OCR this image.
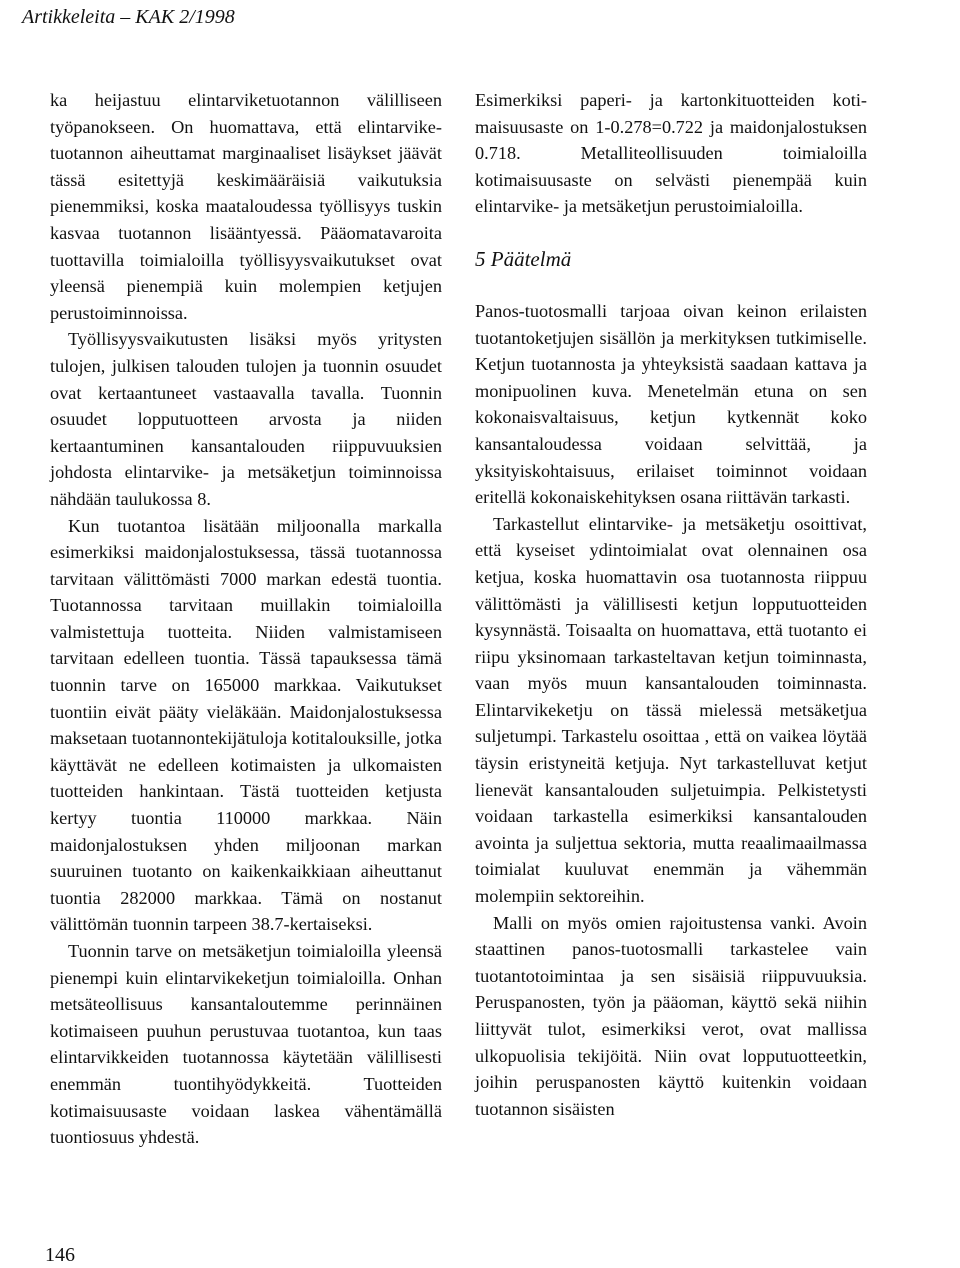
Artikkeleita – KAK 2/1998

ka heijastuu elintarviketuotannon välilliseen työpanokseen. On huomattava, että elintarviketuotannon aiheuttamat marginaaliset lisäykset jäävät tässä esitettyjä keskimääräisiä vaikutuksia pienemmiksi, koska maataloudessa työllisyys tuskin kasvaa tuotannon lisääntyessä. Pääomatavaroita tuottavilla toimialoilla työllisyysvaikutukset ovat yleensä pienempiä kuin molempien ketjujen perustoiminnoissa.

Työllisyysvaikutusten lisäksi myös yritysten tulojen, julkisen talouden tulojen ja tuonnin osuudet ovat kertaantuneet vastaavalla tavalla. Tuonnin osuudet lopputuotteen arvosta ja niiden kertaantuminen kansantalouden riippuvuuksien johdosta elintarvike- ja metsäketjun toiminnoissa nähdään taulukossa 8.

Kun tuotantoa lisätään miljoonalla markalla esimerkiksi maidonjalostuksessa, tässä tuotannossa tarvitaan välittömästi 7000 markan edestä tuontia. Tuotannossa tarvitaan muillakin toimialoilla valmistettuja tuotteita. Niiden valmistamiseen tarvitaan edelleen tuontia. Tässä tapauksessa tämä tuonnin tarve on 165000 markkaa. Vaikutukset tuontiin eivät pääty vieläkään. Maidonjalostuksessa maksetaan tuotannontekijätuloja kotitalouksille, jotka käyttävät ne edelleen kotimaisten ja ulkomaisten tuotteiden hankintaan. Tästä tuotteiden ketjusta kertyy tuontia 110000 markkaa. Näin maidonjalostuksen yhden miljoonan markan suuruinen tuotanto on kaikenkaikkiaan aiheuttanut tuontia 282000 markkaa. Tämä on nostanut välittömän tuonnin tarpeen 38.7-kertaiseksi.

Tuonnin tarve on metsäketjun toimialoilla yleensä pienempi kuin elintarvikeketjun toimialoilla. Onhan metsäteollisuus kansantaloutemme perinnäinen kotimaiseen puuhun perustuvaa tuotantoa, kun taas elintarvikkeiden tuotannossa käytetään välillisesti enemmän tuontihyödykkeitä. Tuotteiden kotimaisuusaste voidaan laskea vähentämällä tuontiosuus yhdestä.

Esimerkiksi paperi- ja kartonkituotteiden kotimaisuusaste on 1-0.278=0.722 ja maidonjalostuksen 0.718. Metalliteollisuuden toimialoilla kotimaisuusaste on selvästi pienempää kuin elintarvike- ja metsäketjun perustoimialoilla.

5 Päätelmä

Panos-tuotosmalli tarjoaa oivan keinon erilaisten tuotantoketjujen sisällön ja merkityksen tutkimiselle. Ketjun tuotannosta ja yhteyksistä saadaan kattava ja monipuolinen kuva. Menetelmän etuna on sen kokonaisvaltaisuus, ketjun kytkennät koko kansantaloudessa voidaan selvittää, ja yksityiskohtaisuus, erilaiset toiminnot voidaan eritellä kokonaiskehityksen osana riittävän tarkasti.

Tarkastellut elintarvike- ja metsäketju osoittivat, että kyseiset ydintoimialat ovat olennainen osa ketjua, koska huomattavin osa tuotannosta riippuu välittömästi ja välillisesti ketjun lopputuotteiden kysynnästä. Toisaalta on huomattava, että tuotanto ei riipu yksinomaan tarkasteltavan ketjun toiminnasta, vaan myös muun kansantalouden toiminnasta. Elintarvikeketju on tässä mielessä metsäketjua suljetumpi. Tarkastelu osoittaa , että on vaikea löytää täysin eristyneitä ketjuja. Nyt tarkastelluvat ketjut lienevät kansantalouden suljetuimpia. Pelkistetysti voidaan tarkastella esimerkiksi kansantalouden avointa ja suljettua sektoria, mutta reaalimaailmassa toimialat kuuluvat enemmän ja vähemmän molempiin sektoreihin.

Malli on myös omien rajoitustensa vanki. Avoin staattinen panos-tuotosmalli tarkastelee vain tuotantotoimintaa ja sen sisäisiä riippuvuuksia. Peruspanosten, työn ja pääoman, käyttö sekä niihin liittyvät tulot, esimerkiksi verot, ovat mallissa ulkopuolisia tekijöitä. Niin ovat lopputuotteetkin, joihin peruspanosten käyttö kuitenkin voidaan tuotannon sisäisten

146
